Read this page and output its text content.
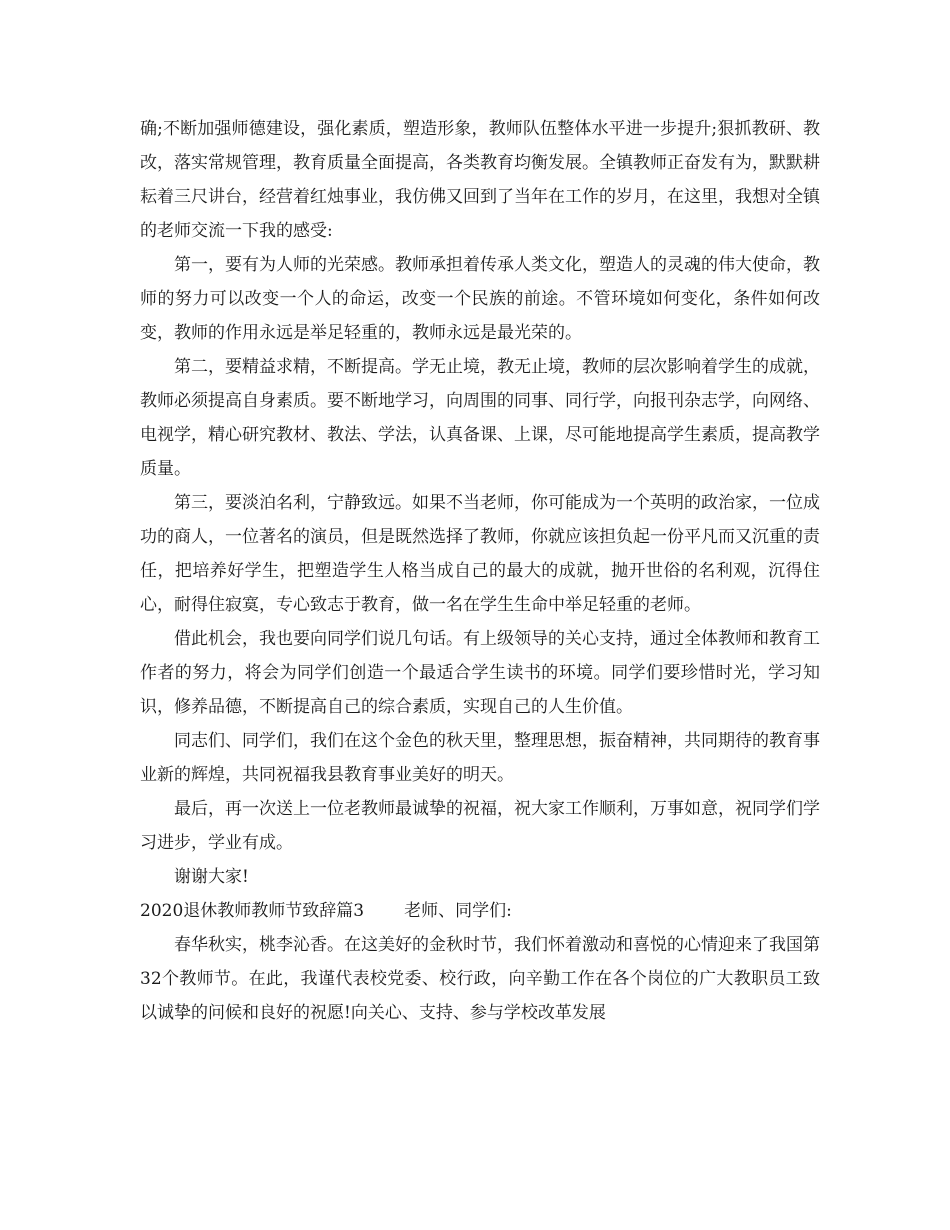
确;不断加强师德建设，强化素质，塑造形象，教师队伍整体水平进一步提升;狠抓教研、教改，落实常规管理，教育质量全面提高，各类教育均衡发展。全镇教师正奋发有为，默默耕耘着三尺讲台，经营着红烛事业，我仿佛又回到了当年在工作的岁月，在这里，我想对全镇的老师交流一下我的感受:

第一，要有为人师的光荣感。教师承担着传承人类文化，塑造人的灵魂的伟大使命，教师的努力可以改变一个人的命运，改变一个民族的前途。不管环境如何变化，条件如何改变，教师的作用永远是举足轻重的，教师永远是最光荣的。

第二，要精益求精，不断提高。学无止境，教无止境，教师的层次影响着学生的成就，教师必须提高自身素质。要不断地学习，向周围的同事、同行学，向报刊杂志学，向网络、电视学，精心研究教材、教法、学法，认真备课、上课，尽可能地提高学生素质，提高教学质量。

第三，要淡泊名利，宁静致远。如果不当老师，你可能成为一个英明的政治家，一位成功的商人，一位著名的演员，但是既然选择了教师，你就应该担负起一份平凡而又沉重的责任，把培养好学生，把塑造学生人格当成自己的最大的成就，抛开世俗的名利观，沉得住心，耐得住寂寞，专心致志于教育，做一名在学生生命中举足轻重的老师。

借此机会，我也要向同学们说几句话。有上级领导的关心支持，通过全体教师和教育工作者的努力，将会为同学们创造一个最适合学生读书的环境。同学们要珍惜时光，学习知识，修养品德，不断提高自己的综合素质，实现自己的人生价值。

同志们、同学们，我们在这个金色的秋天里，整理思想，振奋精神，共同期待的教育事业新的辉煌，共同祝福我县教育事业美好的明天。

最后，再一次送上一位老教师最诚挚的祝福，祝大家工作顺利，万事如意，祝同学们学习进步，学业有成。

谢谢大家!

2020退休教师教师节致辞篇3 老师、同学们:

春华秋实，桃李沁香。在这美好的金秋时节，我们怀着激动和喜悦的心情迎来了我国第32个教师节。在此，我谨代表校党委、校行政，向辛勤工作在各个岗位的广大教职员工致以诚挚的问候和良好的祝愿!向关心、支持、参与学校改革发展
